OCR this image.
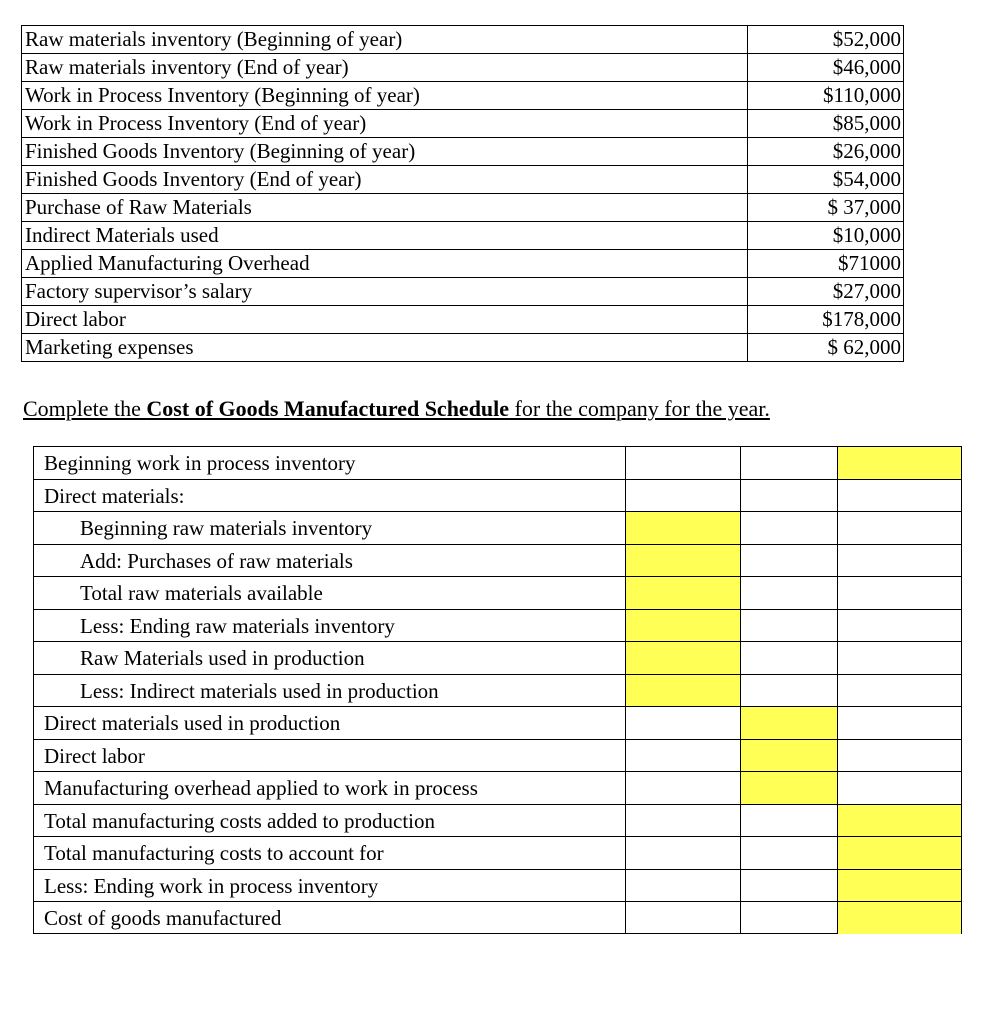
Raw materials inventory (Beginning of year)	$52,000
Raw materials inventory (End of year)	$46,000
Work in Process Inventory (Beginning of year)	$110,000
Work in Process Inventory (End of year)	$85,000
Finished Goods Inventory (Beginning of year)	$26,000
Finished Goods Inventory (End of year)	$54,000
Purchase of Raw Materials	$ 37,000
Indirect Materials used	$10,000
Applied Manufacturing Overhead	$71000
Factory supervisor’s salary	$27,000
Direct labor	$178,000
Marketing expenses	$ 62,000
Complete the Cost of Goods Manufactured Schedule for the company for the year.
Beginning work in process inventory
Direct materials:
Beginning raw materials inventory
Add: Purchases of raw materials
Total raw materials available
Less: Ending raw materials inventory
Raw Materials used in production
Less: Indirect materials used in production
Direct materials used in production
Direct labor
Manufacturing overhead applied to work in process
Total manufacturing costs added to production
Total manufacturing costs to account for
Less: Ending work in process inventory
Cost of goods manufactured
